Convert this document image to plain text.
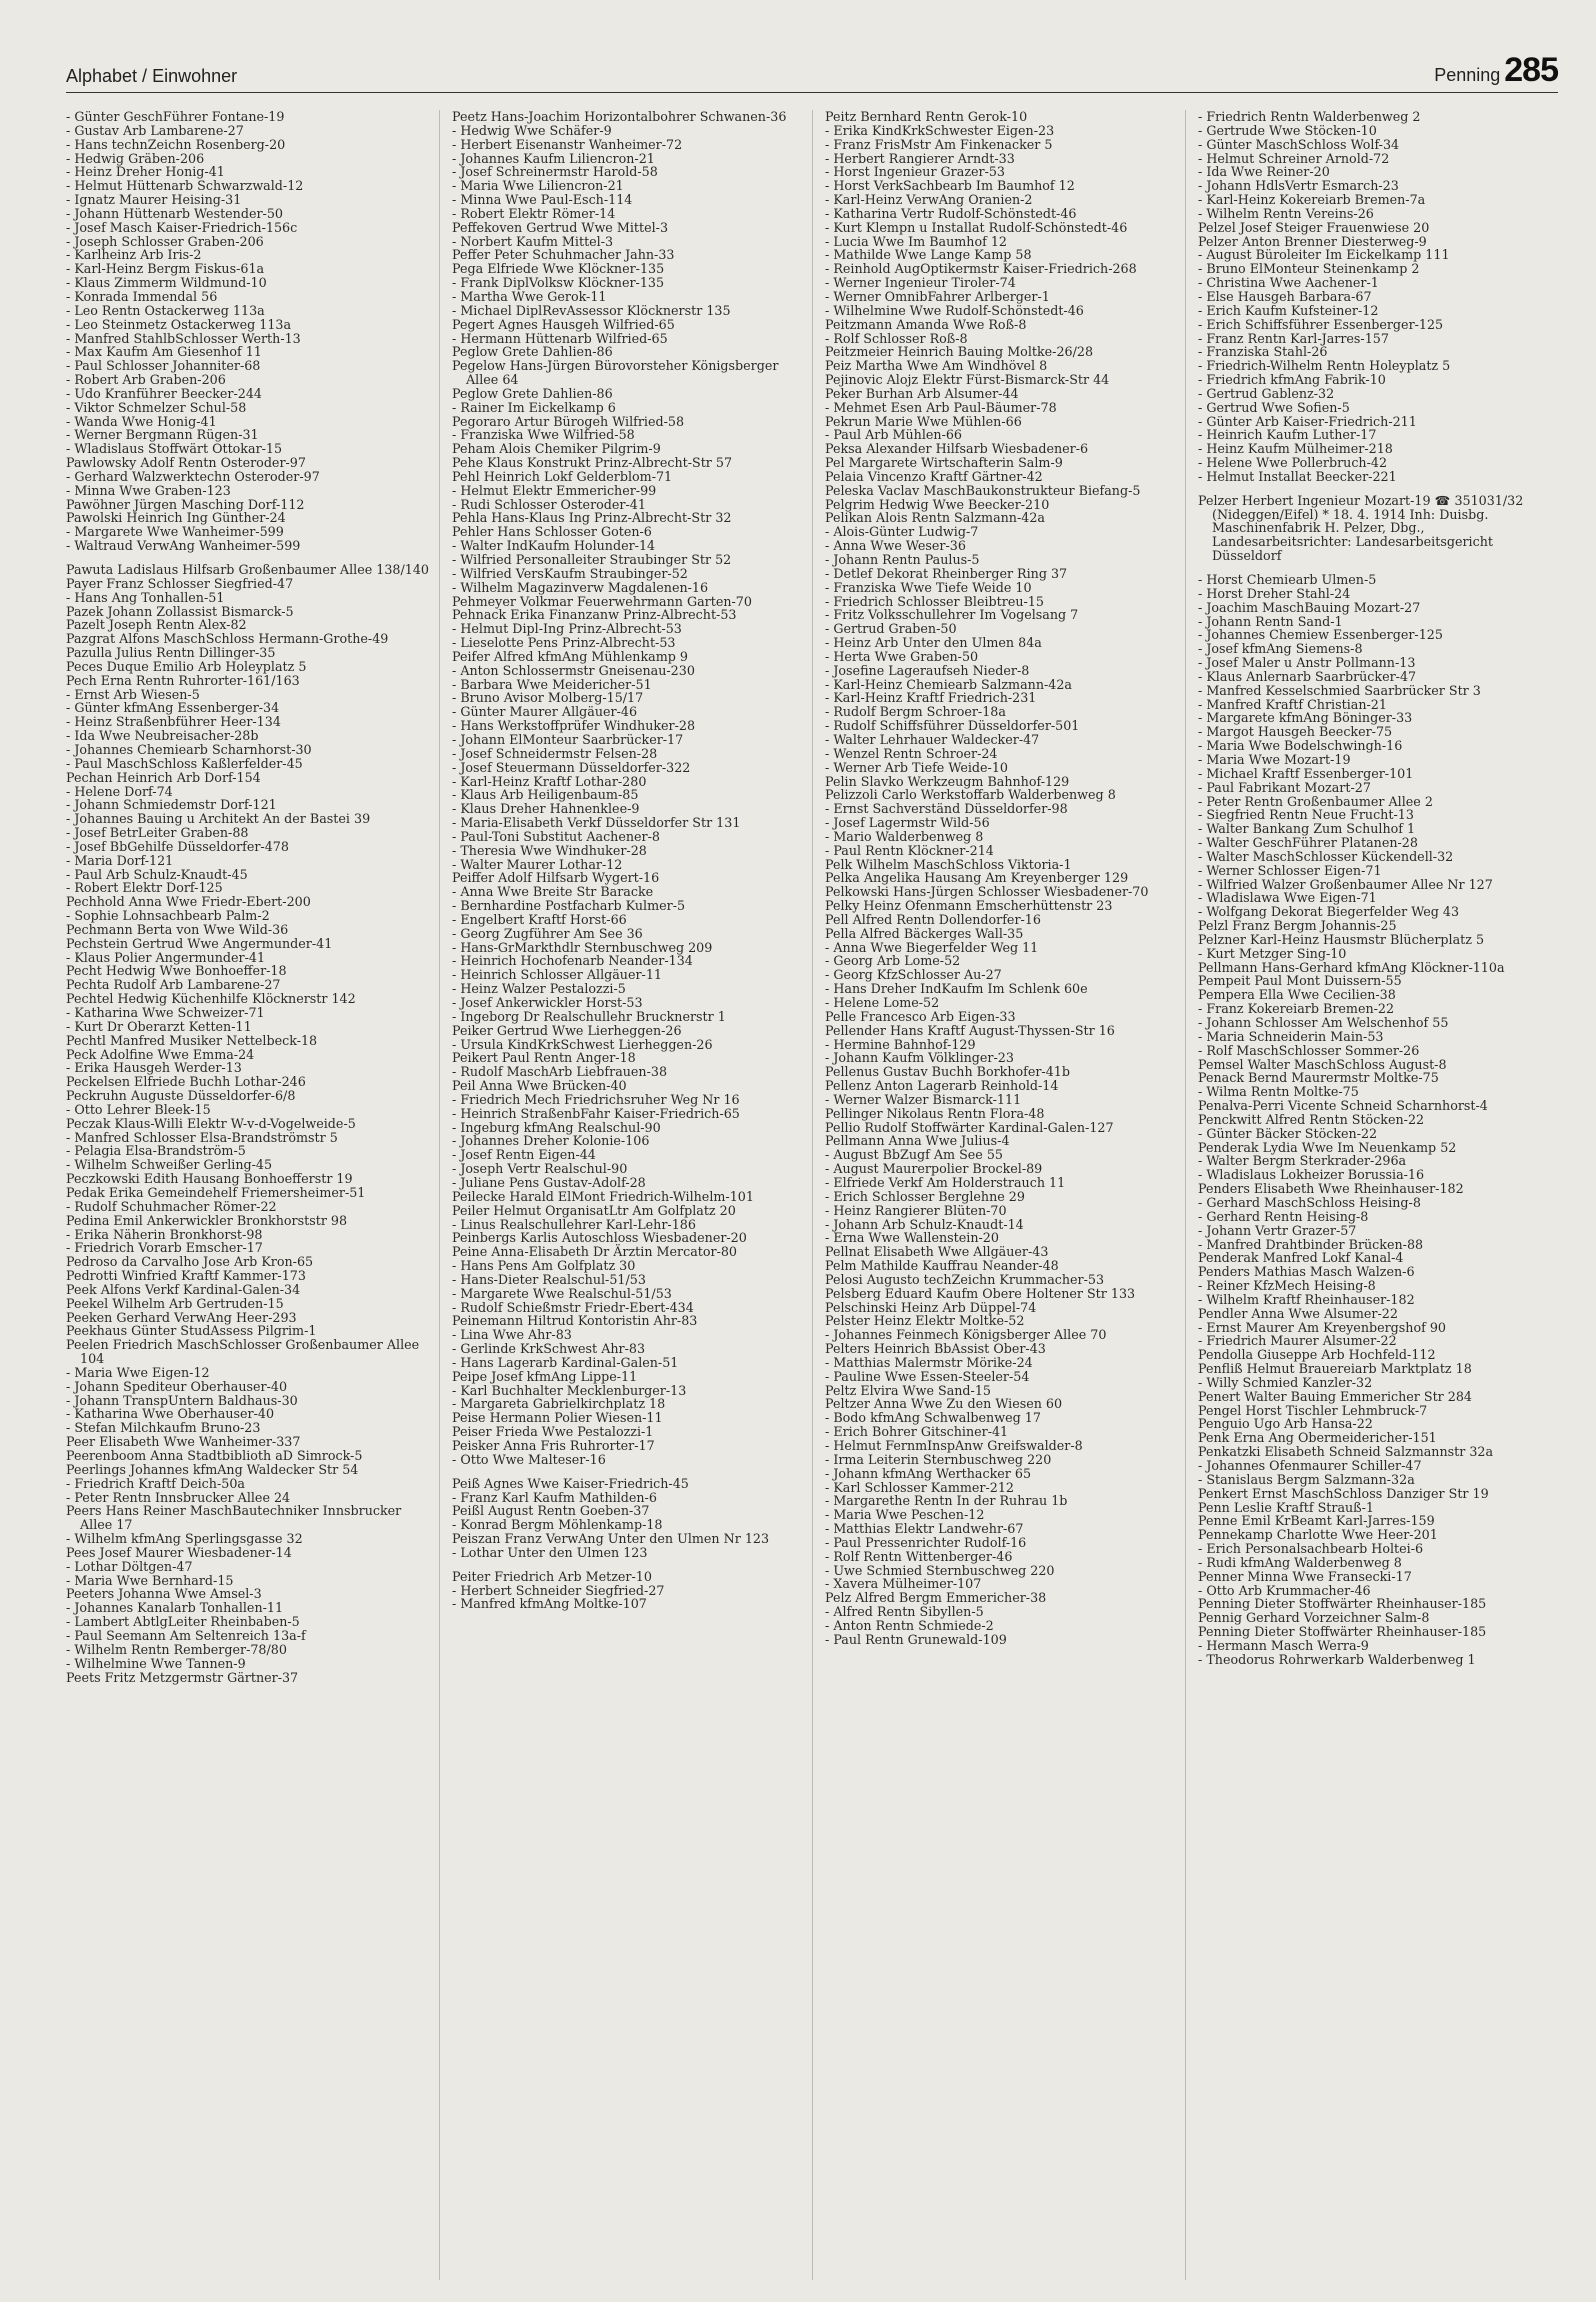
Alphabet / Einwohner	Penning 285
- Günter GeschFührer Fontane-19
- Gustav Arb Lambarene-27
- Hans technZeichn Rosenberg-20
- Hedwig Gräben-206
- Heinz Dreher Honig-41
- Helmut Hüttenarb Schwarzwald-12
- Ignatz Maurer Heising-31
- Johann Hüttenarb Westender-50
- Josef Masch Kaiser-Friedrich-156c
- Joseph Schlosser Graben-206
- Karlheinz Arb Iris-2
- Karl-Heinz Bergm Fiskus-61a
- Klaus Zimmerm Wildmund-10
- Konrada Immendal 56
- Leo Rentn Ostackerweg 113a
- Leo Steinmetz Ostackerweg 113a
- Manfred StahlbSchlosser Werth-13
- Max Kaufm Am Giesenhof 11
- Paul Schlosser Johanniter-68
- Robert Arb Graben-206
- Udo Kranführer Beecker-244
- Viktor Schmelzer Schul-58
- Wanda Wwe Honig-41
- Werner Bergmann Rügen-31
- Wladislaus Stoffwärt Ottokar-15
Pawlowsky Adolf Rentn Osteroder-97
- Gerhard Walzwerktechn Osteroder-97
- Minna Wwe Graben-123
Pawöhner Jürgen Masching Dorf-112
Pawolski Heinrich Ing Günther-24
- Margarete Wwe Wanheimer-599
- Waltraud VerwAng Wanheimer-599
Pawuta Ladislaus Hilfsarb Großenbaumer Allee 138/140
Payer Franz Schlosser Siegfried-47
- Hans Ang Tonhallen-51
Pazek Johann Zollassist Bismarck-5
Pazelt Joseph Rentn Alex-82
Pazgrat Alfons MaschSchloss Hermann-Grothe-49
Pazulla Julius Rentn Dillinger-35
Peces Duque Emilio Arb Holeyplatz 5
Pech Erna Rentn Ruhrorter-161/163
- Ernst Arb Wiesen-5
- Günter kfmAng Essenberger-34
- Heinz Straßenbführer Heer-134
- Ida Wwe Neubreisacher-28b
- Johannes Chemiearb Scharnhorst-30
- Paul MaschSchloss Kaßlerfelder-45
Pechan Heinrich Arb Dorf-154
- Helene Dorf-74
- Johann Schmiedemstr Dorf-121
- Johannes Bauing u Architekt An der Bastei 39
- Josef BetrLeiter Graben-88
- Josef BbGehilfe Düsseldorfer-478
- Maria Dorf-121
- Paul Arb Schulz-Knaudt-45
- Robert Elektr Dorf-125
Pechhold Anna Wwe Friedr-Ebert-200
- Sophie Lohnsachbearb Palm-2
Pechmann Berta von Wwe Wild-36
Pechstein Gertrud Wwe Angermunder-41
- Klaus Polier Angermunder-41
Pecht Hedwig Wwe Bonhoeffer-18
Pechta Rudolf Arb Lambarene-27
Pechtel Hedwig Küchenhilfe Klöcknerstr 142
- Katharina Wwe Schweizer-71
- Kurt Dr Oberarzt Ketten-11
Pechtl Manfred Musiker Nettelbeck-18
Peck Adolfine Wwe Emma-24
- Erika Hausgeh Werder-13
Peckelsen Elfriede Buchh Lothar-246
Peckruhn Auguste Düsseldorfer-6/8
- Otto Lehrer Bleek-15
Peczak Klaus-Willi Elektr W-v-d-Vogelweide-5
- Manfred Schlosser Elsa-Brandströmstr 5
- Pelagia Elsa-Brandström-5
- Wilhelm Schweißer Gerling-45
Peczkowski Edith Hausang Bonhoefferstr 19
Pedak Erika Gemeindehelf Friemersheimer-51
- Rudolf Schuhmacher Römer-22
Pedina Emil Ankerwickler Bronkhorststr 98
- Erika Näherin Bronkhorst-98
- Friedrich Vorarb Emscher-17
Pedroso da Carvalho Jose Arb Kron-65
Pedrotti Winfried Kraftf Kammer-173
Peek Alfons Verkf Kardinal-Galen-34
Peekel Wilhelm Arb Gertruden-15
Peeken Gerhard VerwAng Heer-293
Peekhaus Günter StudAssess Pilgrim-1
Peelen Friedrich MaschSchlosser Großenbaumer Allee 104
- Maria Wwe Eigen-12
- Johann Spediteur Oberhauser-40
- Johann TranspUntern Baldhaus-30
- Katharina Wwe Oberhauser-40
- Stefan Milchkaufm Bruno-23
Peer Elisabeth Wwe Wanheimer-337
Peerenboom Anna Stadtbiblioth aD Simrock-5
Peerlings Johannes kfmAng Waldecker Str 54
- Friedrich Kraftf Deich-50a
- Peter Rentn Innsbrucker Allee 24
Peers Hans Reiner MaschBautechniker Innsbrucker Allee 17
- Wilhelm kfmAng Sperlingsgasse 32
Pees Josef Maurer Wiesbadener-14
- Lothar Döltgen-47
- Maria Wwe Bernhard-15
Peeters Johanna Wwe Amsel-3
- Johannes Kanalarb Tonhallen-11
- Lambert AbtlgLeiter Rheinbaben-5
- Paul Seemann Am Seltenreich 13a-f
- Wilhelm Rentn Remberger-78/80
- Wilhelmine Wwe Tannen-9
Peets Fritz Metzgermstr Gärtner-37
Peetz Hans-Joachim Horizontalbohrer Schwanen-36
- Hedwig Wwe Schäfer-9
- Herbert Eisenanstr Wanheimer-72
- Johannes Kaufm Liliencron-21
- Josef Schreinermstr Harold-58
- Maria Wwe Liliencron-21
- Minna Wwe Paul-Esch-114
- Robert Elektr Römer-14
Peffekoven Gertrud Wwe Mittel-3
- Norbert Kaufm Mittel-3
Peffer Peter Schuhmacher Jahn-33
Pega Elfriede Wwe Klöckner-135
- Frank DiplVolksw Klöckner-135
- Martha Wwe Gerok-11
- Michael DiplRevAssessor Klöcknerstr 135
Pegert Agnes Hausgeh Wilfried-65
- Hermann Hüttenarb Wilfried-65
Peglow Grete Dahlien-86
Pegelow Hans-Jürgen Bürovorsteher Königsberger Allee 64
Peglow Grete Dahlien-86
- Rainer Im Eickelkamp 6
Pegoraro Artur Bürogeh Wilfried-58
- Franziska Wwe Wilfried-58
Peham Alois Chemiker Pilgrim-9
Pehe Klaus Konstrukt Prinz-Albrecht-Str 57
Pehl Heinrich Lokf Gelderblom-71
- Helmut Elektr Emmericher-99
- Rudi Schlosser Osteroder-41
Pehla Hans-Klaus Ing Prinz-Albrecht-Str 32
Pehler Hans Schlosser Goten-6
- Walter IndKaufm Holunder-14
- Wilfried Personalleiter Straubinger Str 52
- Wilfried VersKaufm Straubinger-52
- Wilhelm Magazinverw Magdalenen-16
Pehmeyer Volkmar Feuerwehrmann Garten-70
Pehnack Erika Finanzanw Prinz-Albrecht-53
- Helmut Dipl-Ing Prinz-Albrecht-53
- Lieselotte Pens Prinz-Albrecht-53
Peifer Alfred kfmAng Mühlenkamp 9
- Anton Schlossermstr Gneisenau-230
- Barbara Wwe Meidericher-51
- Bruno Avisor Molberg-15/17
- Günter Maurer Allgäuer-46
- Hans Werkstoffprüfer Windhuker-28
- Johann ElMonteur Saarbrücker-17
- Josef Schneidermstr Felsen-28
- Josef Steuermann Düsseldorfer-322
- Karl-Heinz Kraftf Lothar-280
- Klaus Arb Heiligenbaum-85
- Klaus Dreher Hahnenklee-9
- Maria-Elisabeth Verkf Düsseldorfer Str 131
- Paul-Toni Substitut Aachener-8
- Theresia Wwe Windhuker-28
- Walter Maurer Lothar-12
Peiffer Adolf Hilfsarb Wygert-16
- Anna Wwe Breite Str Baracke
- Bernhardine Postfacharb Kulmer-5
- Engelbert Kraftf Horst-66
- Georg Zugführer Am See 36
- Hans-GrMarkthdlr Sternbuschweg 209
- Heinrich Hochofenarb Neander-134
- Heinrich Schlosser Allgäuer-11
- Heinz Walzer Pestalozzi-5
- Josef Ankerwickler Horst-53
- Ingeborg Dr Realschullehr Brucknerstr 1
Peiker Gertrud Wwe Lierheggen-26
- Ursula KindKrkSchwest Lierheggen-26
Peikert Paul Rentn Anger-18
- Rudolf MaschArb Liebfrauen-38
Peil Anna Wwe Brücken-40
- Friedrich Mech Friedrichsruher Weg Nr 16
- Heinrich StraßenbFahr Kaiser-Friedrich-65
- Ingeburg kfmAng Realschul-90
- Johannes Dreher Kolonie-106
- Josef Rentn Eigen-44
- Joseph Vertr Realschul-90
- Juliane Pens Gustav-Adolf-28
Peilecke Harald ElMont Friedrich-Wilhelm-101
Peiler Helmut OrganisatLtr Am Golfplatz 20
- Linus Realschullehrer Karl-Lehr-186
Peinbergs Karlis Autoschloss Wiesbadener-20
Peine Anna-Elisabeth Dr Ärztin Mercator-80
- Hans Pens Am Golfplatz 30
- Hans-Dieter Realschul-51/53
- Margarete Wwe Realschul-51/53
- Rudolf Schießmstr Friedr-Ebert-434
Peinemann Hiltrud Kontoristin Ahr-83
- Lina Wwe Ahr-83
- Gerlinde KrkSchwest Ahr-83
- Hans Lagerarb Kardinal-Galen-51
Peipe Josef kfmAng Lippe-11
- Karl Buchhalter Mecklenburger-13
- Margareta Gabrielkirchplatz 18
Peise Hermann Polier Wiesen-11
Peiser Frieda Wwe Pestalozzi-1
Peisker Anna Fris Ruhrorter-17
- Otto Wwe Malteser-16
Peiß Agnes Wwe Kaiser-Friedrich-45
- Franz Karl Kaufm Mathilden-6
Peißl August Rentn Goeben-37
- Konrad Bergm Möhlenkamp-18
Peiszan Franz VerwAng Unter den Ulmen Nr 123
- Lothar Unter den Ulmen 123
Peiter Friedrich Arb Metzer-10
- Herbert Schneider Siegfried-27
- Manfred kfmAng Moltke-107
Peitz Bernhard Rentn Gerok-10
- Erika KindKrkSchwester Eigen-23
- Franz FrisMstr Am Finkenacker 5
- Herbert Rangierer Arndt-33
- Horst Ingenieur Grazer-53
- Horst VerkSachbearb Im Baumhof 12
- Karl-Heinz VerwAng Oranien-2
- Katharina Vertr Rudolf-Schönstedt-46
- Kurt Klempn u Installat Rudolf-Schönstedt-46
- Lucia Wwe Im Baumhof 12
- Mathilde Wwe Lange Kamp 58
- Reinhold AugOptikermstr Kaiser-Friedrich-268
- Werner Ingenieur Tiroler-74
- Werner OmnibFahrer Arlberger-1
- Wilhelmine Wwe Rudolf-Schönstedt-46
Peitzmann Amanda Wwe Roß-8
- Rolf Schlosser Roß-8
Peitzmeier Heinrich Bauing Moltke-26/28
Peiz Martha Wwe Am Windhövel 8
Pejinovic Alojz Elektr Fürst-Bismarck-Str 44
Peker Burhan Arb Alsumer-44
- Mehmet Esen Arb Paul-Bäumer-78
Pekrun Marie Wwe Mühlen-66
- Paul Arb Mühlen-66
Peksa Alexander Hilfsarb Wiesbadener-6
Pel Margarete Wirtschafterin Salm-9
Pelaia Vincenzo Kraftf Gärtner-42
Peleska Vaclav MaschBaukonstrukteur Biefang-5
Pelgrim Hedwig Wwe Beecker-210
Pelikan Alois Rentn Salzmann-42a
- Alois-Günter Ludwig-7
- Anna Wwe Weser-36
- Johann Rentn Paulus-5
- Detlef Dekorat Rheinberger Ring 37
- Franziska Wwe Tiefe Weide 10
- Friedrich Schlosser Bleibtreu-15
- Fritz Volksschullehrer Im Vogelsang 7
- Gertrud Graben-50
- Heinz Arb Unter den Ulmen 84a
- Herta Wwe Graben-50
- Josefine Lageraufseh Nieder-8
- Karl-Heinz Chemiearb Salzmann-42a
- Karl-Heinz Kraftf Friedrich-231
- Rudolf Bergm Schroer-18a
- Rudolf Schiffsführer Düsseldorfer-501
- Walter Lehrhauer Waldecker-47
- Wenzel Rentn Schroer-24
- Werner Arb Tiefe Weide-10
Pelin Slavko Werkzeugm Bahnhof-129
Pelizzoli Carlo Werkstoffarb Walderbenweg 8
- Ernst Sachverständ Düsseldorfer-98
- Josef Lagermstr Wild-56
- Mario Walderbenweg 8
- Paul Rentn Klöckner-214
Pelk Wilhelm MaschSchloss Viktoria-1
Pelka Angelika Hausang Am Kreyenberger 129
Pelkowski Hans-Jürgen Schlosser Wiesbadener-70
Pelky Heinz Ofenmann Emscherhüttenstr 23
Pell Alfred Rentn Dollendorfer-16
Pella Alfred Bäckerges Wall-35
- Anna Wwe Biegerfelder Weg 11
- Georg Arb Lome-52
- Georg KfzSchlosser Au-27
- Hans Dreher IndKaufm Im Schlenk 60e
- Helene Lome-52
Pelle Francesco Arb Eigen-33
Pellender Hans Kraftf August-Thyssen-Str 16
- Hermine Bahnhof-129
- Johann Kaufm Völklinger-23
Pellenus Gustav Buchh Borkhofer-41b
Pellenz Anton Lagerarb Reinhold-14
- Werner Walzer Bismarck-111
Pellinger Nikolaus Rentn Flora-48
Pellio Rudolf Stoffwärter Kardinal-Galen-127
Pellmann Anna Wwe Julius-4
- August BbZugf Am See 55
- August Maurerpolier Brockel-89
- Elfriede Verkf Am Holderstrauch 11
- Erich Schlosser Berglehne 29
- Heinz Rangierer Blüten-70
- Johann Arb Schulz-Knaudt-14
- Erna Wwe Wallenstein-20
Pellnat Elisabeth Wwe Allgäuer-43
Pelm Mathilde Kauffrau Neander-48
Pelosi Augusto techZeichn Krummacher-53
Pelsberg Eduard Kaufm Obere Holtener Str 133
Pelschinski Heinz Arb Düppel-74
Pelster Heinz Elektr Moltke-52
- Johannes Feinmech Königsberger Allee 70
Pelters Heinrich BbAssist Ober-43
- Matthias Malermstr Mörike-24
- Pauline Wwe Essen-Steeler-54
Peltz Elvira Wwe Sand-15
Peltzer Anna Wwe Zu den Wiesen 60
- Bodo kfmAng Schwalbenweg 17
- Erich Bohrer Gitschiner-41
- Helmut FernmInspAnw Greifswalder-8
- Irma Leiterin Sternbuschweg 220
- Johann kfmAng Werthacker 65
- Karl Schlosser Kammer-212
- Margarethe Rentn In der Ruhrau 1b
- Maria Wwe Peschen-12
- Matthias Elektr Landwehr-67
- Paul Pressenrichter Rudolf-16
- Rolf Rentn Wittenberger-46
- Uwe Schmied Sternbuschweg 220
- Xavera Mülheimer-107
Pelz Alfred Bergm Emmericher-38
- Alfred Rentn Sibyllen-5
- Anton Rentn Schmiede-2
- Paul Rentn Grunewald-109
- Friedrich Rentn Walderbenweg 2
- Gertrude Wwe Stöcken-10
- Günter MaschSchloss Wolf-34
- Helmut Schreiner Arnold-72
- Ida Wwe Reiner-20
- Johann HdlsVertr Esmarch-23
- Karl-Heinz Kokereiarb Bremen-7a
- Wilhelm Rentn Vereins-26
Pelzel Josef Steiger Frauenwiese 20
Pelzer Anton Brenner Diesterweg-9
- August Büroleiter Im Eickelkamp 111
- Bruno ElMonteur Steinenkamp 2
- Christina Wwe Aachener-1
- Else Hausgeh Barbara-67
- Erich Kaufm Kufsteiner-12
- Erich Schiffsführer Essenberger-125
- Franz Rentn Karl-Jarres-157
- Franziska Stahl-26
- Friedrich-Wilhelm Rentn Holeyplatz 5
- Friedrich kfmAng Fabrik-10
- Gertrud Gablenz-32
- Gertrud Wwe Sofien-5
- Günter Arb Kaiser-Friedrich-211
- Heinrich Kaufm Luther-17
- Heinz Kaufm Mülheimer-218
- Helene Wwe Pollerbruch-42
- Helmut Installat Beecker-221
Pelzer Herbert Ingenieur Mozart-19 ☎ 351031/32 (Nideggen/Eifel) * 18. 4. 1914 Inh: Duisbg. Maschinenfabrik H. Pelzer, Dbg., Landesarbeitsrichter: Landesarbeitsgericht Düsseldorf
- Horst Chemiearb Ulmen-5
- Horst Dreher Stahl-24
- Joachim MaschBauing Mozart-27
- Johann Rentn Sand-1
- Johannes Chemiew Essenberger-125
- Josef kfmAng Siemens-8
- Josef Maler u Anstr Pollmann-13
- Klaus Anlernarb Saarbrücker-47
- Manfred Kesselschmied Saarbrücker Str 3
- Manfred Kraftf Christian-21
- Margarete kfmAng Böninger-33
- Margot Hausgeh Beecker-75
- Maria Wwe Bodelschwingh-16
- Maria Wwe Mozart-19
- Michael Kraftf Essenberger-101
- Paul Fabrikant Mozart-27
- Peter Rentn Großenbaumer Allee 2
- Siegfried Rentn Neue Frucht-13
- Walter Bankang Zum Schulhof 1
- Walter GeschFührer Platanen-28
- Walter MaschSchlosser Kückendell-32
- Werner Schlosser Eigen-71
- Wilfried Walzer Großenbaumer Allee Nr 127
- Wladislawa Wwe Eigen-71
- Wolfgang Dekorat Biegerfelder Weg 43
Pelzl Franz Bergm Johannis-25
Pelzner Karl-Heinz Hausmstr Blücherplatz 5
- Kurt Metzger Sing-10
Pellmann Hans-Gerhard kfmAng Klöckner-110a
Pempeit Paul Mont Duissern-55
Pempera Ella Wwe Cecilien-38
- Franz Kokereiarb Bremen-22
- Johann Schlosser Am Welschenhof 55
- Maria Schneiderin Main-53
- Rolf MaschSchlosser Sommer-26
Pemsel Walter MaschSchloss August-8
Penack Bernd Maurermstr Moltke-75
- Wilma Rentn Moltke-75
Penalva-Perri Vicente Schneid Scharnhorst-4
Penckwitt Alfred Rentn Stöcken-22
- Günter Bäcker Stöcken-22
Penderak Lydia Wwe Im Neuenkamp 52
- Walter Bergm Sterkrader-296a
- Wladislaus Lokheizer Borussia-16
Penders Elisabeth Wwe Rheinhauser-182
- Gerhard MaschSchloss Heising-8
- Gerhard Rentn Heising-8
- Johann Vertr Grazer-57
- Manfred Drahtbinder Brücken-88
Penderak Manfred Lokf Kanal-4
Penders Mathias Masch Walzen-6
- Reiner KfzMech Heising-8
- Wilhelm Kraftf Rheinhauser-182
Pendler Anna Wwe Alsumer-22
- Ernst Maurer Am Kreyenbergshof 90
- Friedrich Maurer Alsumer-22
Pendolla Giuseppe Arb Hochfeld-112
Penfliß Helmut Brauereiarb Marktplatz 18
- Willy Schmied Kanzler-32
Penert Walter Bauing Emmericher Str 284
Pengel Horst Tischler Lehmbruck-7
Penguio Ugo Arb Hansa-22
Penk Erna Ang Obermeidericher-151
Penkatzki Elisabeth Schneid Salzmannstr 32a
- Johannes Ofenmaurer Schiller-47
- Stanislaus Bergm Salzmann-32a
Penkert Ernst MaschSchloss Danziger Str 19
Penn Leslie Kraftf Strauß-1
Penne Emil KrBeamt Karl-Jarres-159
Pennekamp Charlotte Wwe Heer-201
- Erich Personalsachbearb Holtei-6
- Rudi kfmAng Walderbenweg 8
Penner Minna Wwe Fransecki-17
- Otto Arb Krummacher-46
Penning Dieter Stoffwärter Rheinhauser-185
Pennig Gerhard Vorzeichner Salm-8
Penning Dieter Stoffwärter Rheinhauser-185
- Hermann Masch Werra-9
- Theodorus Rohrwerkarb Walderbenweg 1
